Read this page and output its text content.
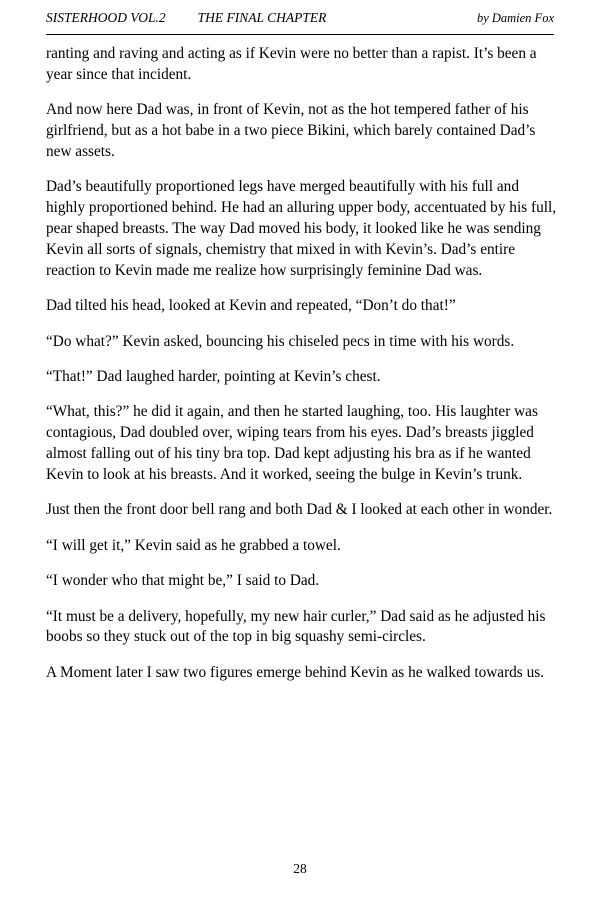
SISTERHOOD VOL.2 THE FINAL CHAPTER	by Damien Fox

ranting and raving and acting as if Kevin were no better than a rapist. It’s been a year since that incident.

And now here Dad was, in front of Kevin, not as the hot tempered father of his girlfriend, but as a hot babe in a two piece Bikini, which barely contained Dad’s new assets.

Dad’s beautifully proportioned legs have merged beautifully with his full and highly proportioned behind. He had an alluring upper body, accentuated by his full, pear shaped breasts. The way Dad moved his body, it looked like he was sending Kevin all sorts of signals, chemistry that mixed in with Kevin’s. Dad’s entire reaction to Kevin made me realize how surprisingly feminine Dad was.

Dad tilted his head, looked at Kevin and repeated, “Don’t do that!”

“Do what?” Kevin asked, bouncing his chiseled pecs in time with his words.

“That!” Dad laughed harder, pointing at Kevin’s chest.

“What, this?” he did it again, and then he started laughing, too. His laughter was contagious, Dad doubled over, wiping tears from his eyes. Dad’s breasts jiggled almost falling out of his tiny bra top. Dad kept adjusting his bra as if he wanted Kevin to look at his breasts. And it worked, seeing the bulge in Kevin’s trunk.

Just then the front door bell rang and both Dad & I looked at each other in wonder.

“I will get it,” Kevin said as he grabbed a towel.

“I wonder who that might be,” I said to Dad.

“It must be a delivery, hopefully, my new hair curler,” Dad said as he adjusted his boobs so they stuck out of the top in big squashy semi-circles.

A Moment later I saw two figures emerge behind Kevin as he walked towards us.

28
